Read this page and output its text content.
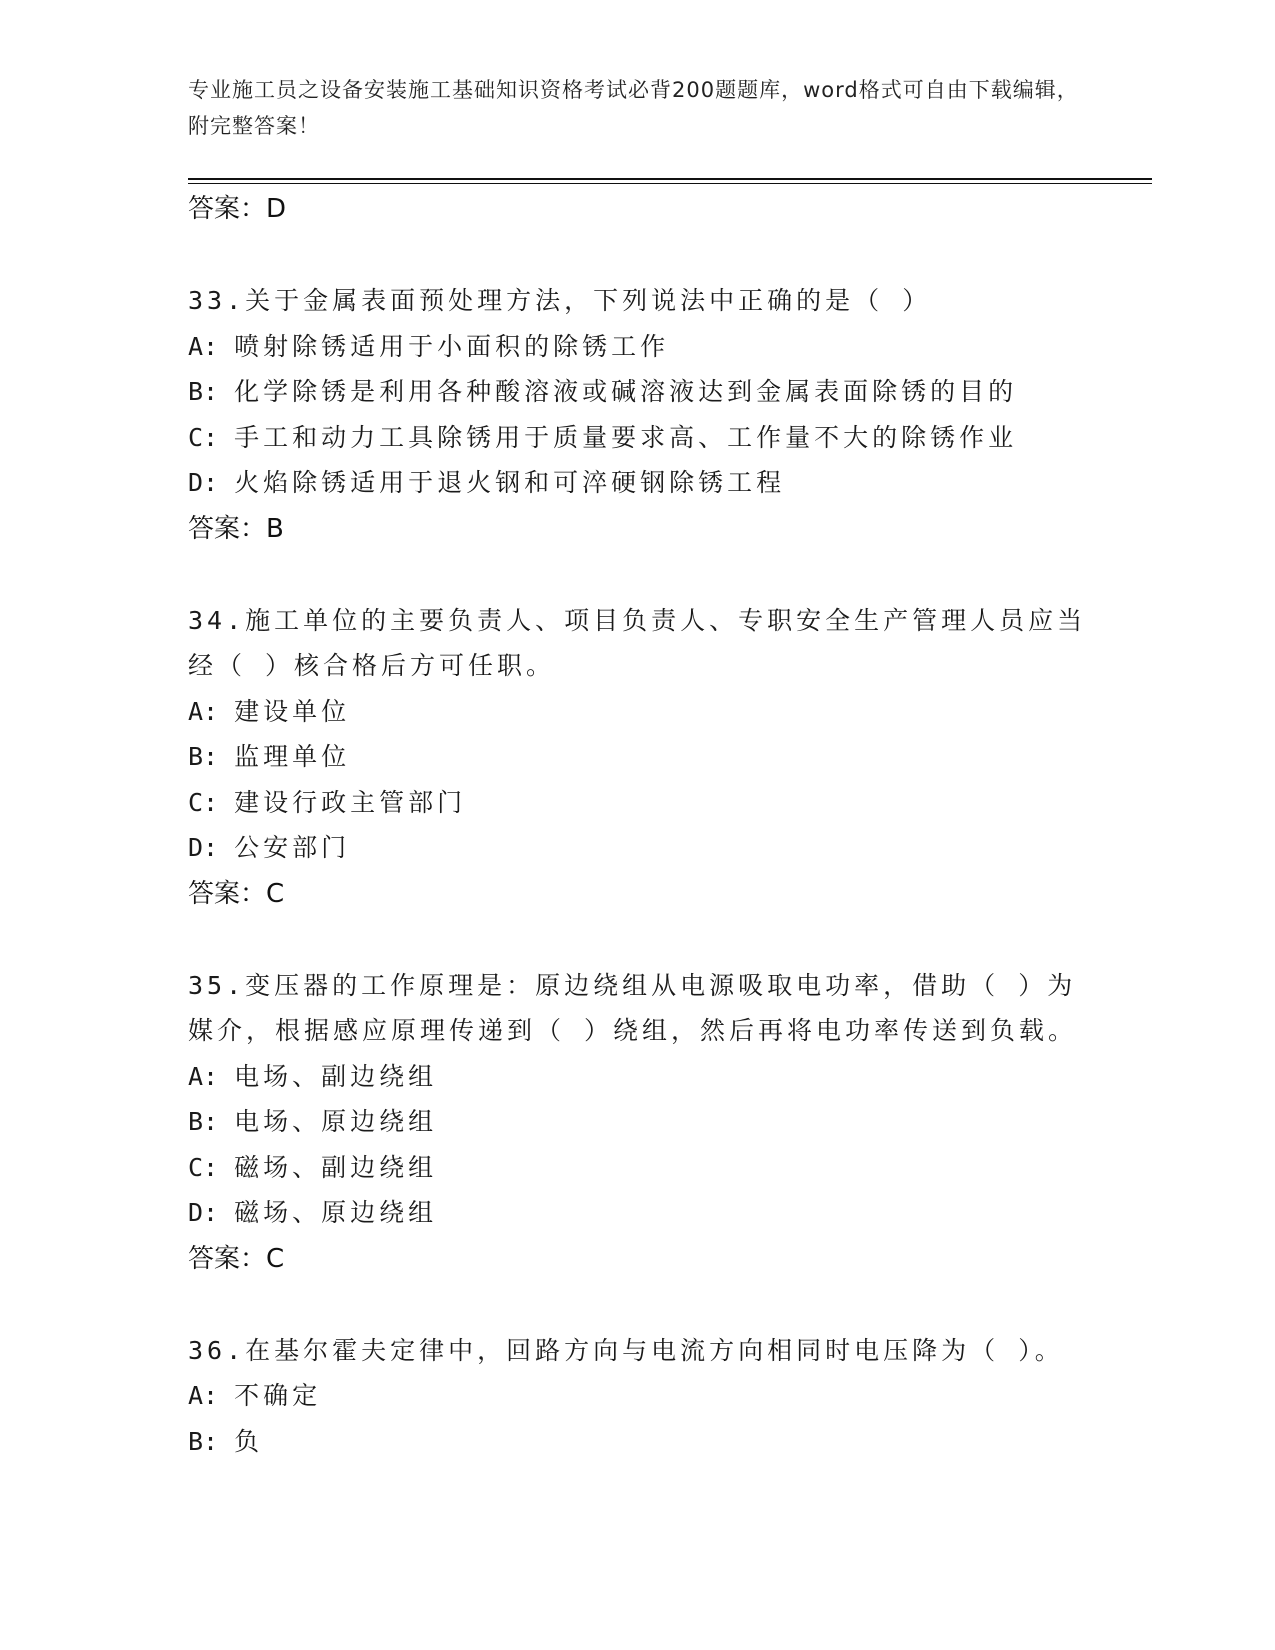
专业施工员之设备安装施工基础知识资格考试必背200题题库，word格式可自由下载编辑，附完整答案！
答案：D
33.关于金属表面预处理方法，下列说法中正确的是（ ）
A: 喷射除锈适用于小面积的除锈工作
B: 化学除锈是利用各种酸溶液或碱溶液达到金属表面除锈的目的
C: 手工和动力工具除锈用于质量要求高、工作量不大的除锈作业
D: 火焰除锈适用于退火钢和可淬硬钢除锈工程
答案：B
34.施工单位的主要负责人、项目负责人、专职安全生产管理人员应当经（ ）核合格后方可任职。
A: 建设单位
B: 监理单位
C: 建设行政主管部门
D: 公安部门
答案：C
35.变压器的工作原理是：原边绕组从电源吸取电功率，借助（ ）为媒介，根据感应原理传递到（ ）绕组，然后再将电功率传送到负载。
A: 电场、副边绕组
B: 电场、原边绕组
C: 磁场、副边绕组
D: 磁场、原边绕组
答案：C
36.在基尔霍夫定律中，回路方向与电流方向相同时电压降为（ ）。
A: 不确定
B: 负
